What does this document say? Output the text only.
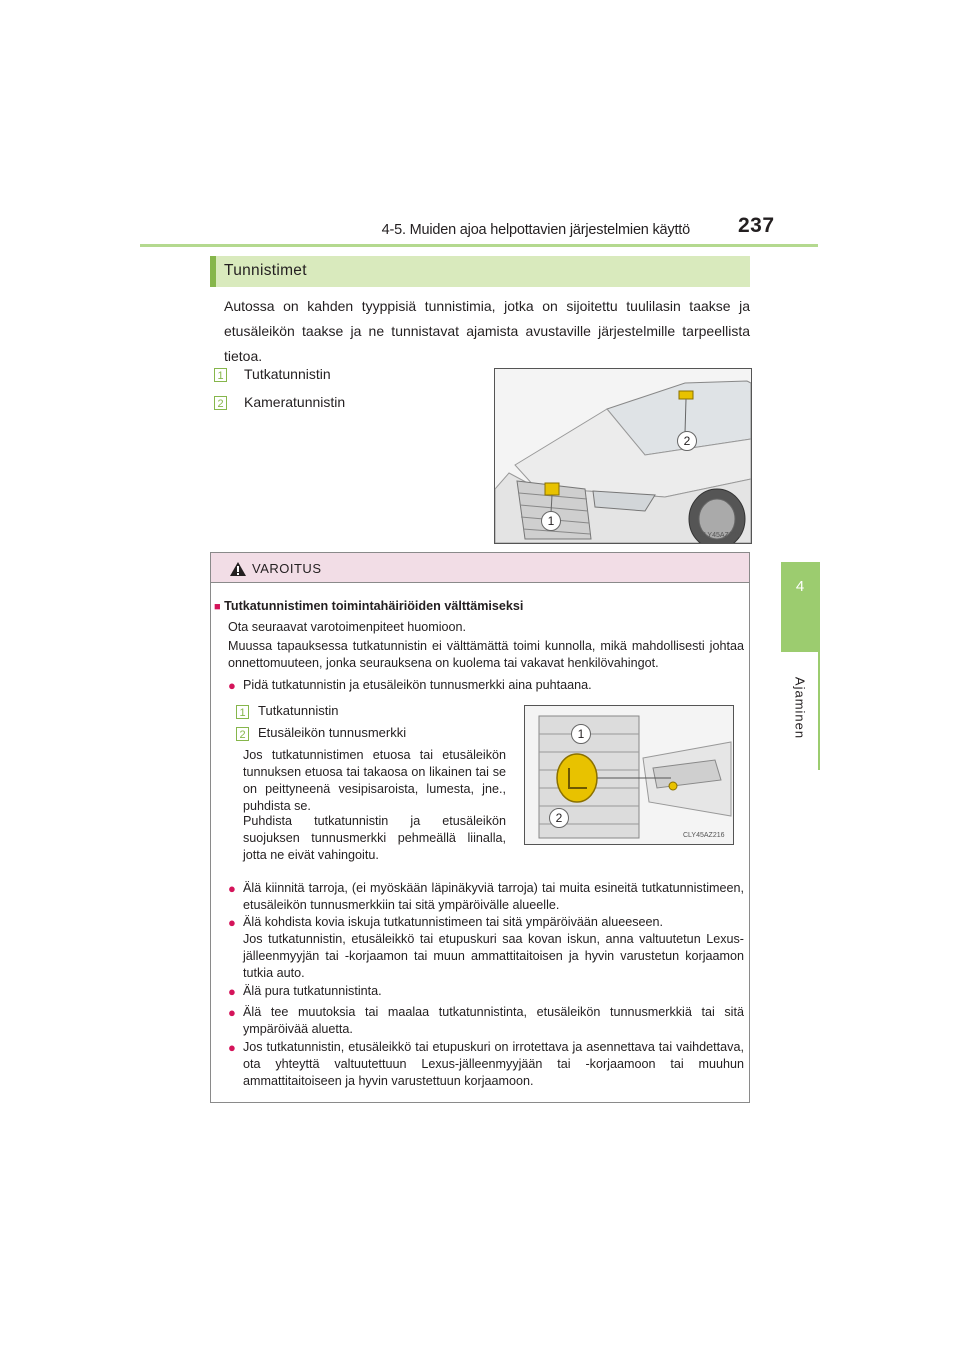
4-5. Muiden ajoa helpottavien järjestelmien käyttö 237
4
Ajaminen
Tunnistimet
Autossa on kahden tyyppisiä tunnistimia, jotka on sijoitettu tuulilasin taakse ja etusäleikön taakse ja ne tunnistavat ajamista avustaville järjestelmille tarpeellista tietoa.
1 Tutkatunnistin
2 Kameratunnistin
2
1
CLY45AZ215
VAROITUS
■ Tutkatunnistimen toimintahäiriöiden välttämiseksi
Ota seuraavat varotoimenpiteet huomioon.
Muussa tapauksessa tutkatunnistin ei välttämättä toimi kunnolla, mikä mahdollisesti johtaa onnettomuuteen, jonka seurauksena on kuolema tai vakavat henkilövahingot.
● Pidä tutkatunnistin ja etusäleikön tunnusmerkki aina puhtaana.
1 Tutkatunnistin
2 Etusäleikön tunnusmerkki
Jos tutkatunnistimen etuosa tai etusäleikön tunnuksen etuosa tai takaosa on likainen tai se on peittyneenä vesipisaroista, lumesta, jne., puhdista se.
Puhdista tutkatunnistin ja etusäleikön suojuksen tunnusmerkki pehmeällä liinalla, jotta ne eivät vahingoitu.
1
2
CLY45AZ216
● Älä kiinnitä tarroja, (ei myöskään läpinäkyviä tarroja) tai muita esineitä tutkatunnistimeen, etusäleikön tunnusmerkkiin tai sitä ympäröivälle alueelle.
● Älä kohdista kovia iskuja tutkatunnistimeen tai sitä ympäröivään alueeseen.
Jos tutkatunnistin, etusäleikkö tai etupuskuri saa kovan iskun, anna valtuutetun Lexus-jälleenmyyjän tai -korjaamon tai muun ammattitaitoisen ja hyvin varustetun korjaamon tutkia auto.
● Älä pura tutkatunnistinta.
● Älä tee muutoksia tai maalaa tutkatunnistinta, etusäleikön tunnusmerkkiä tai sitä ympäröivää aluetta.
● Jos tutkatunnistin, etusäleikkö tai etupuskuri on irrotettava ja asennettava tai vaihdettava, ota yhteyttä valtuutettuun Lexus-jälleenmyyjään tai -korjaamoon tai muuhun ammattitaitoiseen ja hyvin varustettuun korjaamoon.
